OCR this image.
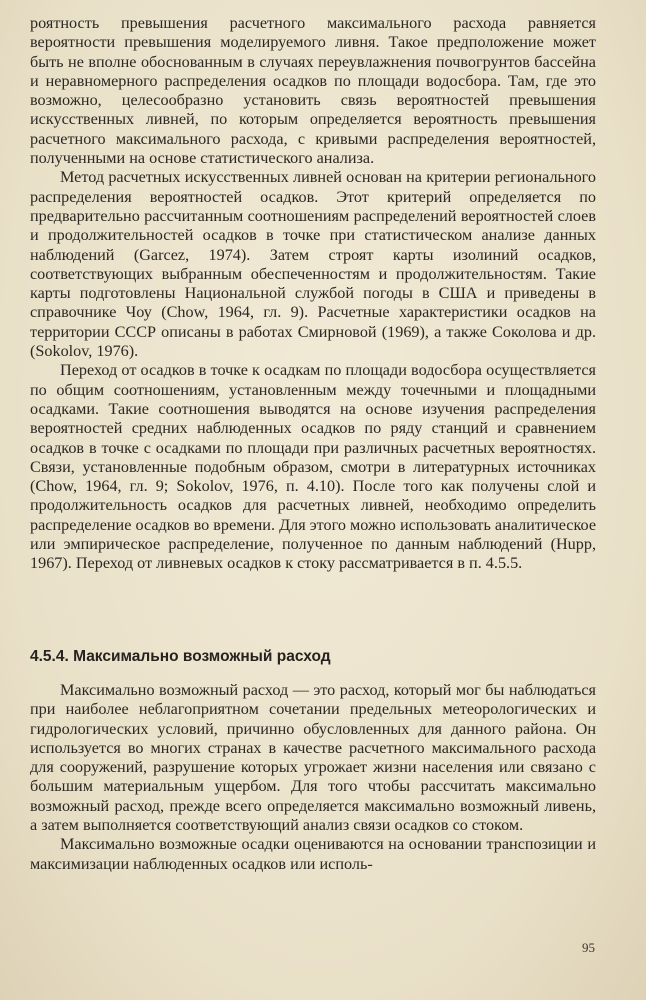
роятность превышения расчетного максимального расхода равняется вероятности превышения моделируемого ливня. Такое предположение может быть не вполне обоснованным в случаях переувлажнения почвогрунтов бассейна и неравномерного распределения осадков по площади водосбора. Там, где это возможно, целесообразно установить связь вероятностей превышения искусственных ливней, по которым определяется вероятность превышения расчетного максимального расхода, с кривыми распределения вероятностей, полученными на основе статистического анализа.

Метод расчетных искусственных ливней основан на критерии регионального распределения вероятностей осадков. Этот критерий определяется по предварительно рассчитанным соотношениям распределений вероятностей слоев и продолжительностей осадков в точке при статистическом анализе данных наблюдений (Garcez, 1974). Затем строят карты изолиний осадков, соответствующих выбранным обеспеченностям и продолжительностям. Такие карты подготовлены Национальной службой погоды в США и приведены в справочнике Чоу (Chow, 1964, гл. 9). Расчетные характеристики осадков на территории СССР описаны в работах Смирновой (1969), а также Соколова и др. (Sokolov, 1976).

Переход от осадков в точке к осадкам по площади водосбора осуществляется по общим соотношениям, установленным между точечными и площадными осадками. Такие соотношения выводятся на основе изучения распределения вероятностей средних наблюденных осадков по ряду станций и сравнением осадков в точке с осадками по площади при различных расчетных вероятностях. Связи, установленные подобным образом, смотри в литературных источниках (Chow, 1964, гл. 9; Sokolov, 1976, п. 4.10). После того как получены слой и продолжительность осадков для расчетных ливней, необходимо определить распределение осадков во времени. Для этого можно использовать аналитическое или эмпирическое распределение, полученное по данным наблюдений (Hupp, 1967). Переход от ливневых осадков к стоку рассматривается в п. 4.5.5.

4.5.4. Максимально возможный расход

Максимально возможный расход — это расход, который мог бы наблюдаться при наиболее неблагоприятном сочетании предельных метеорологических и гидрологических условий, причинно обусловленных для данного района. Он используется во многих странах в качестве расчетного максимального расхода для сооружений, разрушение которых угрожает жизни населения или связано с большим материальным ущербом. Для того чтобы рассчитать максимально возможный расход, прежде всего определяется максимально возможный ливень, а затем выполняется соответствующий анализ связи осадков со стоком.

Максимально возможные осадки оцениваются на основании транспозиции и максимизации наблюденных осадков или исполь-

95
